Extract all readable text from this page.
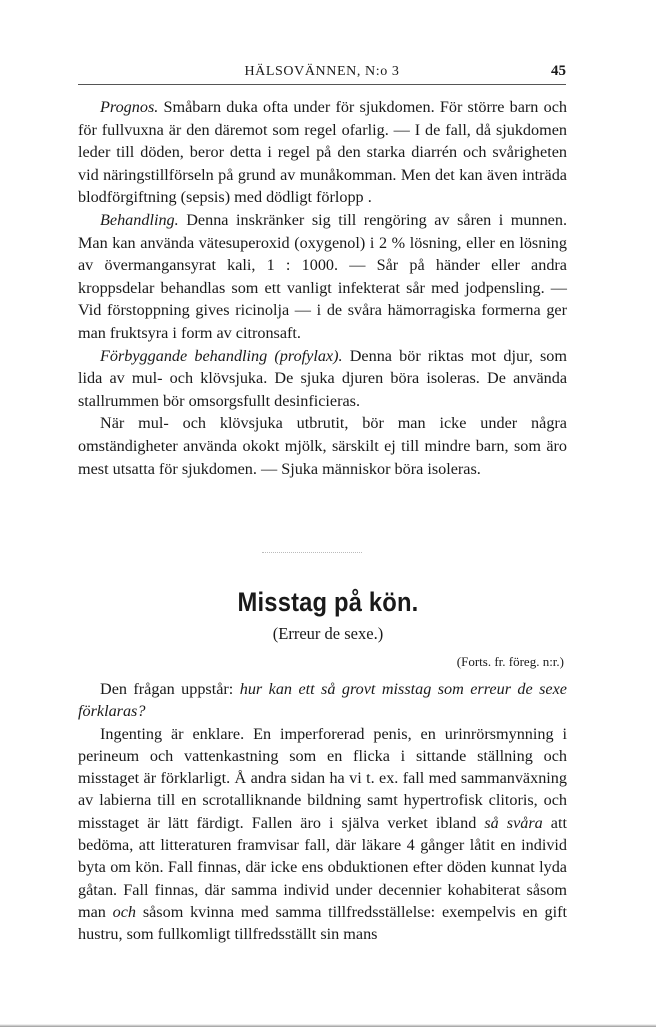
HÄLSOVÄNNEN, N:o 3	45

Prognos. Småbarn duka ofta under för sjukdomen. För större barn och för fullvuxna är den däremot som regel ofarlig. — I de fall, då sjukdomen leder till döden, beror detta i regel på den starka diarrén och svårigheten vid näringstillförseln på grund av munåkomman. Men det kan även inträda blodförgiftning (sepsis) med dödligt förlopp .

Behandling. Denna inskränker sig till rengöring av såren i munnen. Man kan använda vätesuperoxid (oxygenol) i 2 % lösning, eller en lösning av övermangansyrat kali, 1 : 1000. — Sår på händer eller andra kroppsdelar behandlas som ett vanligt infekterat sår med jodpensling. — Vid förstoppning gives ricinolja — i de svåra hämorragiska formerna ger man fruktsyra i form av citronsaft.

Förbyggande behandling (profylax). Denna bör riktas mot djur, som lida av mul- och klövsjuka. De sjuka djuren böra isoleras. De använda stallrummen bör omsorgsfullt desinficieras.

När mul- och klövsjuka utbrutit, bör man icke under några omständigheter använda okokt mjölk, särskilt ej till mindre barn, som äro mest utsatta för sjukdomen. — Sjuka människor böra isoleras.

Misstag på kön.
(Erreur de sexe.)
(Forts. fr. föreg. n:r.)

Den frågan uppstår: hur kan ett så grovt misstag som erreur de sexe förklaras?

Ingenting är enklare. En imperforerad penis, en urinrörsmynning i perineum och vattenkastning som en flicka i sittande ställning och misstaget är förklarligt. Å andra sidan ha vi t. ex. fall med sammanväxning av labierna till en scrotalliknande bildning samt hypertrofisk clitoris, och misstaget är lätt färdigt. Fallen äro i själva verket ibland så svåra att bedöma, att litteraturen framvisar fall, där läkare 4 gånger låtit en individ byta om kön. Fall finnas, där icke ens obduktionen efter döden kunnat lyda gåtan. Fall finnas, där samma individ under decennier kohabiterat såsom man och såsom kvinna med samma tillfredsställelse: exempelvis en gift hustru, som fullkomligt tillfredsställt sin mans
